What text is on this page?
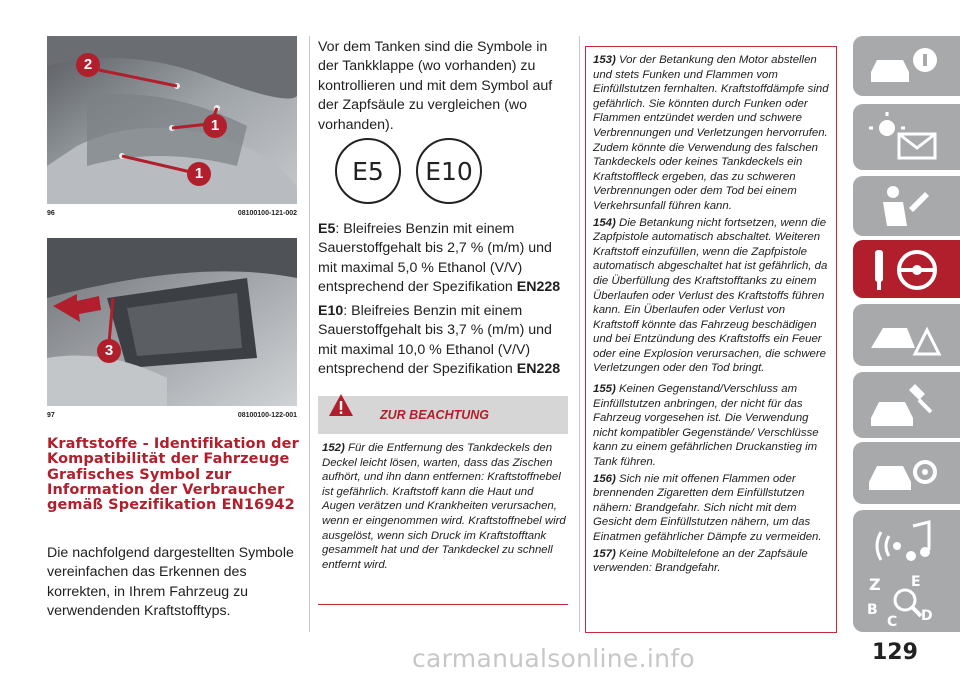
2
1
1
96	08100100-121-002
3
97	08100100-122-001
Kraftstoffe - Identifikation der Kompatibilität der Fahrzeuge Grafisches Symbol zur Information der Verbraucher gemäß Spezifikation EN16942
Die nachfolgend dargestellten Symbole vereinfachen das Erkennen des korrekten, in Ihrem Fahrzeug zu verwendenden Kraftstofftyps.
Vor dem Tanken sind die Symbole in der Tankklappe (wo vorhanden) zu kontrollieren und mit dem Symbol auf der Zapfsäule zu vergleichen (wo vorhanden).
E5	E10
E5: Bleifreies Benzin mit einem Sauerstoffgehalt bis 2,7 % (m/m) und mit maximal 5,0 % Ethanol (V/V) entsprechend der Spezifikation EN228
E10: Bleifreies Benzin mit einem Sauerstoffgehalt bis 3,7 % (m/m) und mit maximal 10,0 % Ethanol (V/V) entsprechend der Spezifikation EN228
ZUR BEACHTUNG
152) Für die Entfernung des Tankdeckels den Deckel leicht lösen, warten, dass das Zischen aufhört, und ihn dann entfernen: Kraftstoffnebel ist gefährlich. Kraftstoff kann die Haut und Augen verätzen und Krankheiten verursachen, wenn er eingenommen wird. Kraftstoffnebel wird ausgelöst, wenn sich Druck im Kraftstofftank gesammelt hat und der Tankdeckel zu schnell entfernt wird.
153) Vor der Betankung den Motor abstellen und stets Funken und Flammen vom Einfüllstutzen fernhalten. Kraftstoffdämpfe sind gefährlich. Sie könnten durch Funken oder Flammen entzündet werden und schwere Verbrennungen und Verletzungen hervorrufen. Zudem könnte die Verwendung des falschen Tankdeckels oder keines Tankdeckels ein Kraftstoffleck ergeben, das zu schweren Verbrennungen oder dem Tod bei einem Verkehrsunfall führen kann.
154) Die Betankung nicht fortsetzen, wenn die Zapfpistole automatisch abschaltet. Weiteren Kraftstoff einzufüllen, wenn die Zapfpistole automatisch abgeschaltet hat ist gefährlich, da die Überfüllung des Kraftstofftanks zu einem Überlaufen oder Verlust des Kraftstoffs führen kann. Ein Überlaufen oder Verlust von Kraftstoff könnte das Fahrzeug beschädigen und bei Entzündung des Kraftstoffs ein Feuer oder eine Explosion verursachen, die schwere Verletzungen oder den Tod bringt.
155) Keinen Gegenstand/Verschluss am Einfüllstutzen anbringen, der nicht für das Fahrzeug vorgesehen ist. Die Verwendung nicht kompatibler Gegenstände/ Verschlüsse kann zu einem gefährlichen Druckanstieg im Tank führen.
156) Sich nie mit offenen Flammen oder brennenden Zigaretten dem Einfüllstutzen nähern: Brandgefahr. Sich nicht mit dem Gesicht dem Einfüllstutzen nähern, um das Einatmen gefährlicher Dämpfe zu vermeiden.
157) Keine Mobiltelefone an der Zapfsäule verwenden: Brandgefahr.
Z E
B
C D
129
carmanualsonline.info
